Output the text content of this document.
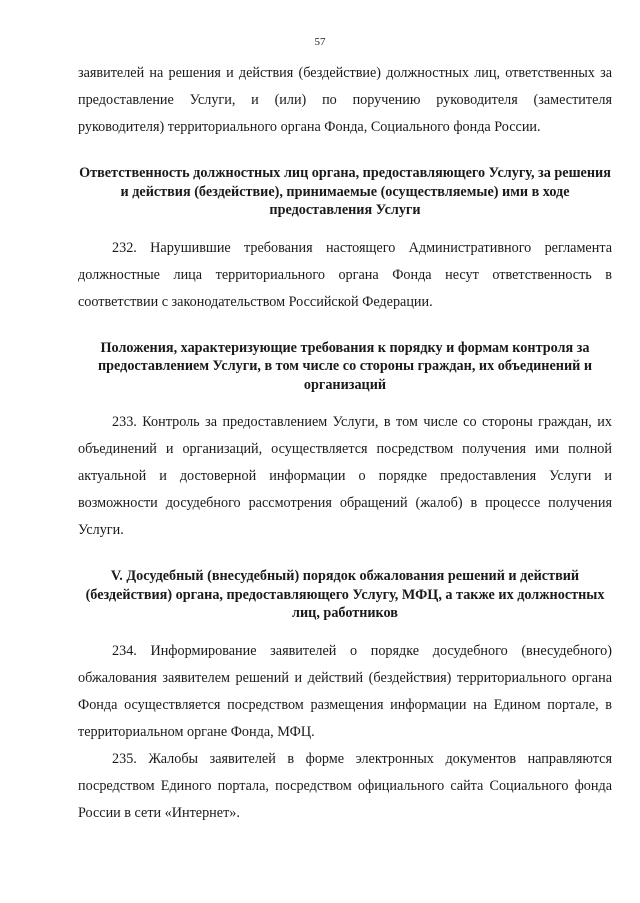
57

заявителей на решения и действия (бездействие) должностных лиц, ответственных за предоставление Услуги, и (или) по поручению руководителя (заместителя руководителя) территориального органа Фонда, Социального фонда России.

Ответственность должностных лиц органа, предоставляющего Услугу, за решения и действия (бездействие), принимаемые (осуществляемые) ими в ходе предоставления Услуги

232. Нарушившие требования настоящего Административного регламента должностные лица территориального органа Фонда несут ответственность в соответствии с законодательством Российской Федерации.

Положения, характеризующие требования к порядку и формам контроля за предоставлением Услуги, в том числе со стороны граждан, их объединений и организаций

233. Контроль за предоставлением Услуги, в том числе со стороны граждан, их объединений и организаций, осуществляется посредством получения ими полной актуальной и достоверной информации о порядке предоставления Услуги и возможности досудебного рассмотрения обращений (жалоб) в процессе получения Услуги.

V. Досудебный (внесудебный) порядок обжалования решений и действий (бездействия) органа, предоставляющего Услугу, МФЦ, а также их должностных лиц, работников

234. Информирование заявителей о порядке досудебного (внесудебного) обжалования заявителем решений и действий (бездействия) территориального органа Фонда осуществляется посредством размещения информации на Едином портале, в территориальном органе Фонда, МФЦ.

235. Жалобы заявителей в форме электронных документов направляются посредством Единого портала, посредством официального сайта Социального фонда России в сети «Интернет».
